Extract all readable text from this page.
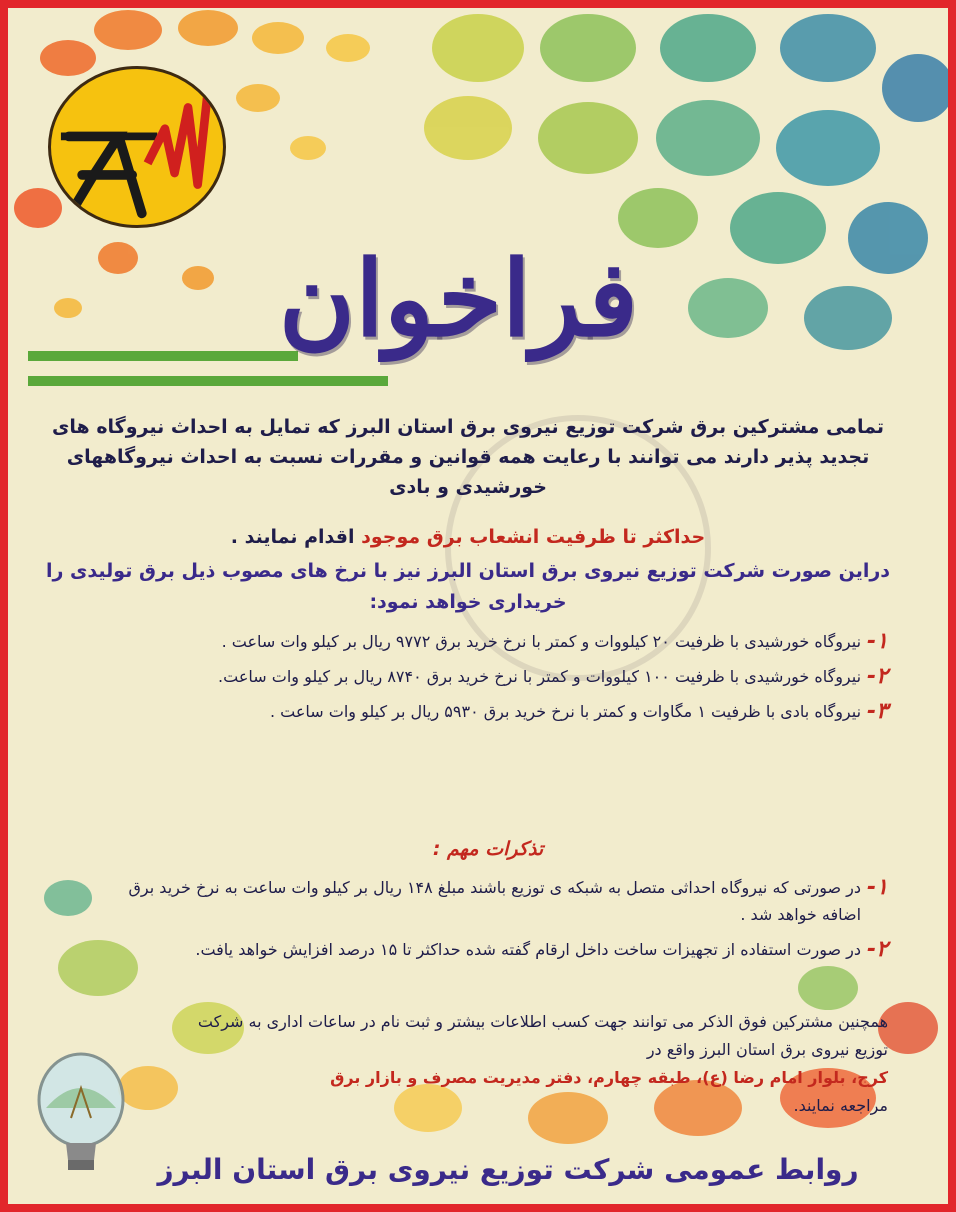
فراخوان
تمامی مشترکین برق شرکت توزیع نیروی برق استان البرز که تمایل به احداث نیروگاه های تجدید پذیر دارند می توانند با رعایت همه قوانین و مقررات نسبت به احداث نیروگاههای خورشیدی و بادی
حداکثر تا ظرفیت انشعاب برق موجود اقدام نمایند .
دراین صورت شرکت توزیع نیروی برق استان البرز نیز با نرخ های مصوب ذیل برق تولیدی را خریداری خواهد نمود:
۱-
نیروگاه خورشیدی با ظرفیت ۲۰ کیلووات و کمتر با نرخ خرید برق ۹۷۷۲ ریال بر کیلو وات ساعت .
۲-
نیروگاه خورشیدی با ظرفیت ۱۰۰ کیلووات و کمتر با نرخ خرید برق ۸۷۴۰ ریال بر کیلو وات ساعت.
۳-
نیروگاه بادی با ظرفیت ۱ مگاوات و کمتر با نرخ خرید برق ۵۹۳۰ ریال بر کیلو وات ساعت .
تذکرات مهم :
۱-
در صورتی که نیروگاه احداثی متصل به شبکه ی توزیع باشند مبلغ ۱۴۸ ریال بر کیلو وات ساعت به نرخ خرید برق اضافه خواهد شد .
۲-
در صورت استفاده از تجهیزات ساخت داخل ارقام گفته شده حداکثر تا ۱۵ درصد افزایش خواهد یافت.
همچنین مشترکین فوق الذکر می توانند جهت کسب اطلاعات بیشتر و ثبت نام در ساعات اداری به شرکت توزیع نیروی برق استان البرز واقع در
کرج، بلوار امام رضا (ع)، طبقه چهارم، دفتر مدیریت مصرف و بازار برق
مراجعه نمایند.
روابط عمومی شرکت توزیع نیروی برق استان البرز
